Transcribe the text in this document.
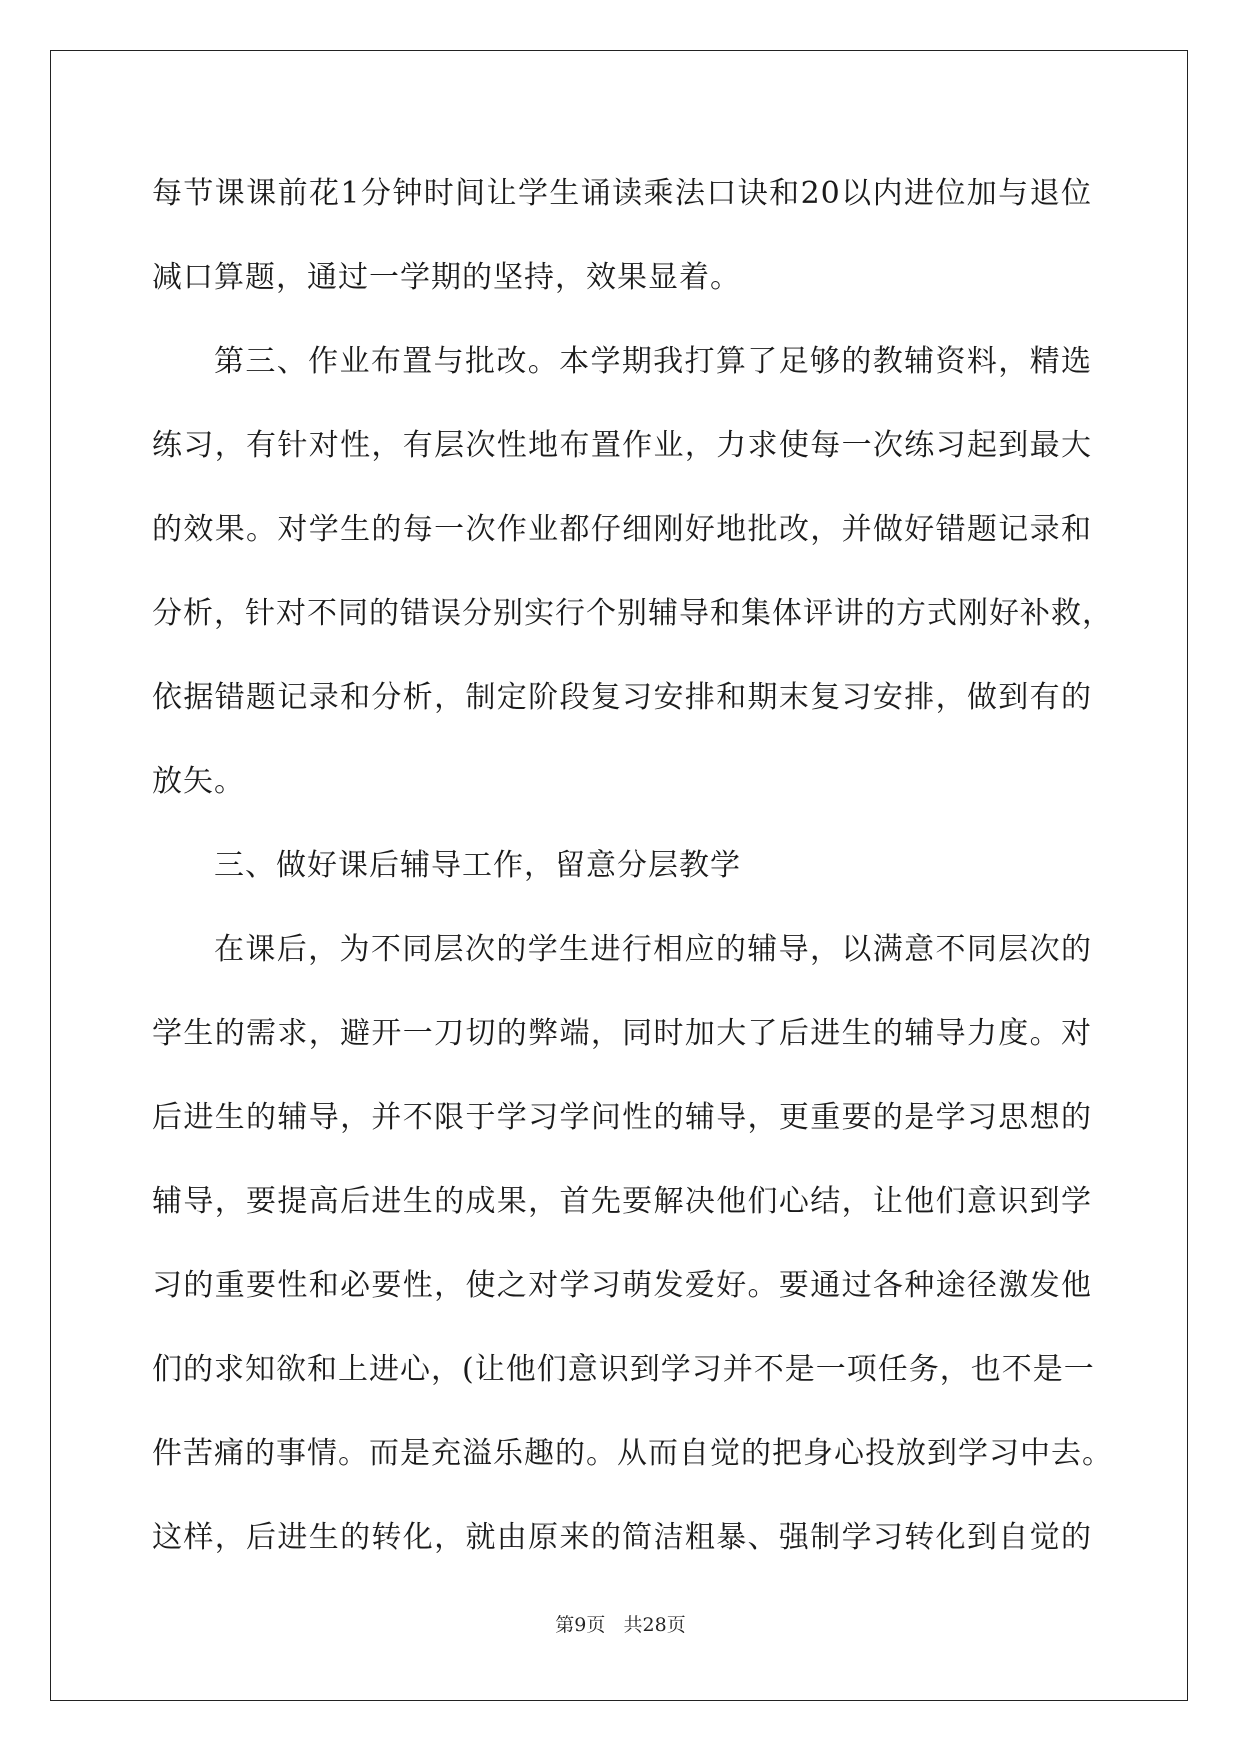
每节课课前花1分钟时间让学生诵读乘法口诀和20以内进位加与退位

减口算题，通过一学期的坚持，效果显着。

第三、作业布置与批改。本学期我打算了足够的教辅资料，精选

练习，有针对性，有层次性地布置作业，力求使每一次练习起到最大

的效果。对学生的每一次作业都仔细刚好地批改，并做好错题记录和

分析，针对不同的错误分别实行个别辅导和集体评讲的方式刚好补救，

依据错题记录和分析，制定阶段复习安排和期末复习安排，做到有的

放矢。

三、做好课后辅导工作，留意分层教学

在课后，为不同层次的学生进行相应的辅导，以满意不同层次的

学生的需求，避开一刀切的弊端，同时加大了后进生的辅导力度。对

后进生的辅导，并不限于学习学问性的辅导，更重要的是学习思想的

辅导，要提高后进生的成果，首先要解决他们心结，让他们意识到学

习的重要性和必要性，使之对学习萌发爱好。要通过各种途径激发他

们的求知欲和上进心，(让他们意识到学习并不是一项任务，也不是一

件苦痛的事情。而是充溢乐趣的。从而自觉的把身心投放到学习中去。

这样，后进生的转化，就由原来的简洁粗暴、强制学习转化到自觉的

第9页 共28页
